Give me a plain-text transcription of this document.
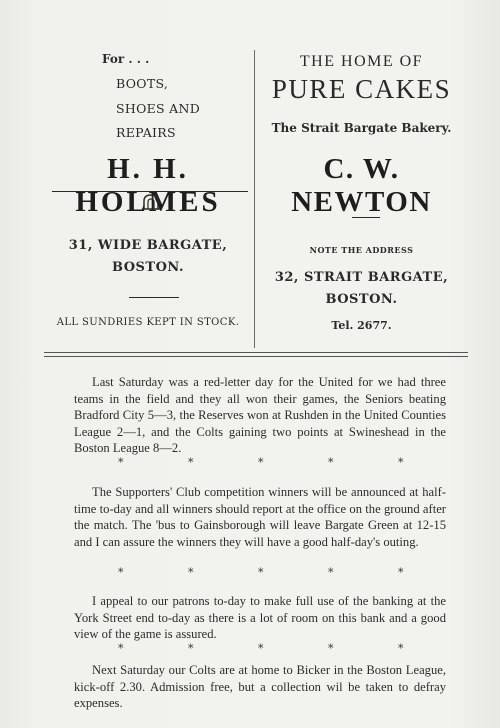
For . . .

BOOTS,

SHOES AND

REPAIRS

H. H. HOLMES

31, WIDE BARGATE,

BOSTON.

ALL SUNDRIES KEPT IN STOCK.

THE HOME OF

PURE CAKES

The Strait Bargate Bakery.

C. W. NEWTON

NOTE THE ADDRESS

32, STRAIT BARGATE,

BOSTON.

Tel. 2677.

Last Saturday was a red-letter day for the United for we had three teams in the field and they all won their games, the Seniors beating Bradford City 5—3, the Reserves won at Rushden in the United Counties League 2—1, and the Colts gaining two points at Swineshead in the Boston League 8—2.

*	*	*	*	*

The Supporters' Club competition winners will be announced at half-time to-day and all winners should report at the office on the ground after the match. The 'bus to Gainsborough will leave Bargate Green at 12-15 and I can assure the winners they will have a good half-day's outing.

*	*	*	*	*

I appeal to our patrons to-day to make full use of the banking at the York Street end to-day as there is a lot of room on this bank and a good view of the game is assured.

*	*	*	*	*

Next Saturday our Colts are at home to Bicker in the Boston League, kick-off 2.30. Admission free, but a collection wil be taken to defray expenses.
